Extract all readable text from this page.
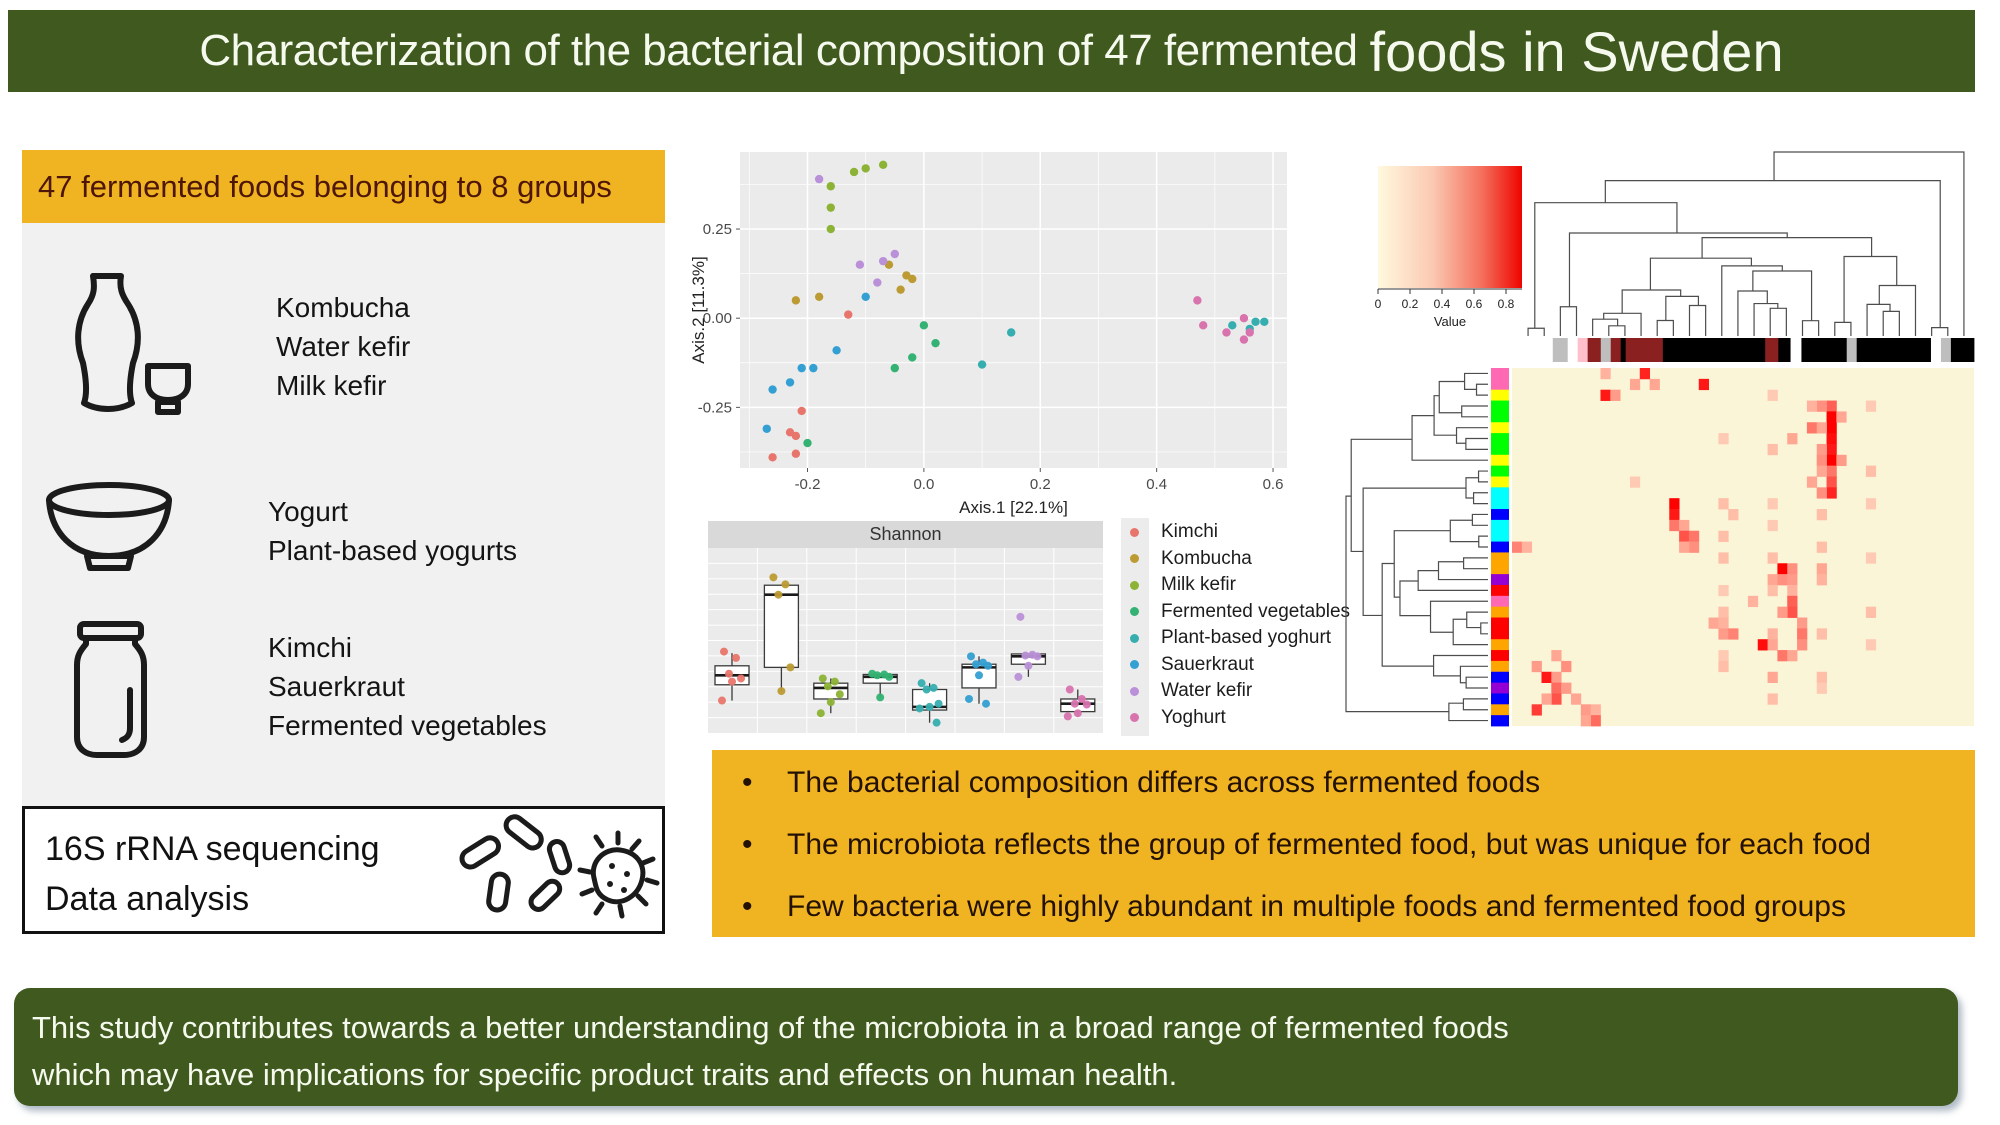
Characterization of the bacterial composition of 47 fermented foods in Sweden
47 fermented foods belonging to 8 groups
Kombucha
Water kefir
Milk kefir
Yogurt
Plant-based yogurts
Kimchi
Sauerkraut
Fermented vegetables
16S rRNA sequencing
Data analysis
-0.2	0.0	0.2	0.4	0.6
0.25
0.00
-0.25
Axis.1 [22.1%]
Axis.2 [11.3%]
Shannon	Kimchi
Kombucha
Milk kefir
Fermented vegetables
Plant-based yoghurt
Sauerkraut
Water kefir
Yoghurt
0 0.2 0.4 0.6 0.8
Value
•	The bacterial composition differs across fermented foods
•	The microbiota reflects the group of fermented food, but was unique for each food
•	Few bacteria were highly abundant in multiple foods and fermented food groups
This study contributes towards a better understanding of the microbiota in a broad range of fermented foods
which may have implications for specific product traits and effects on human health.
